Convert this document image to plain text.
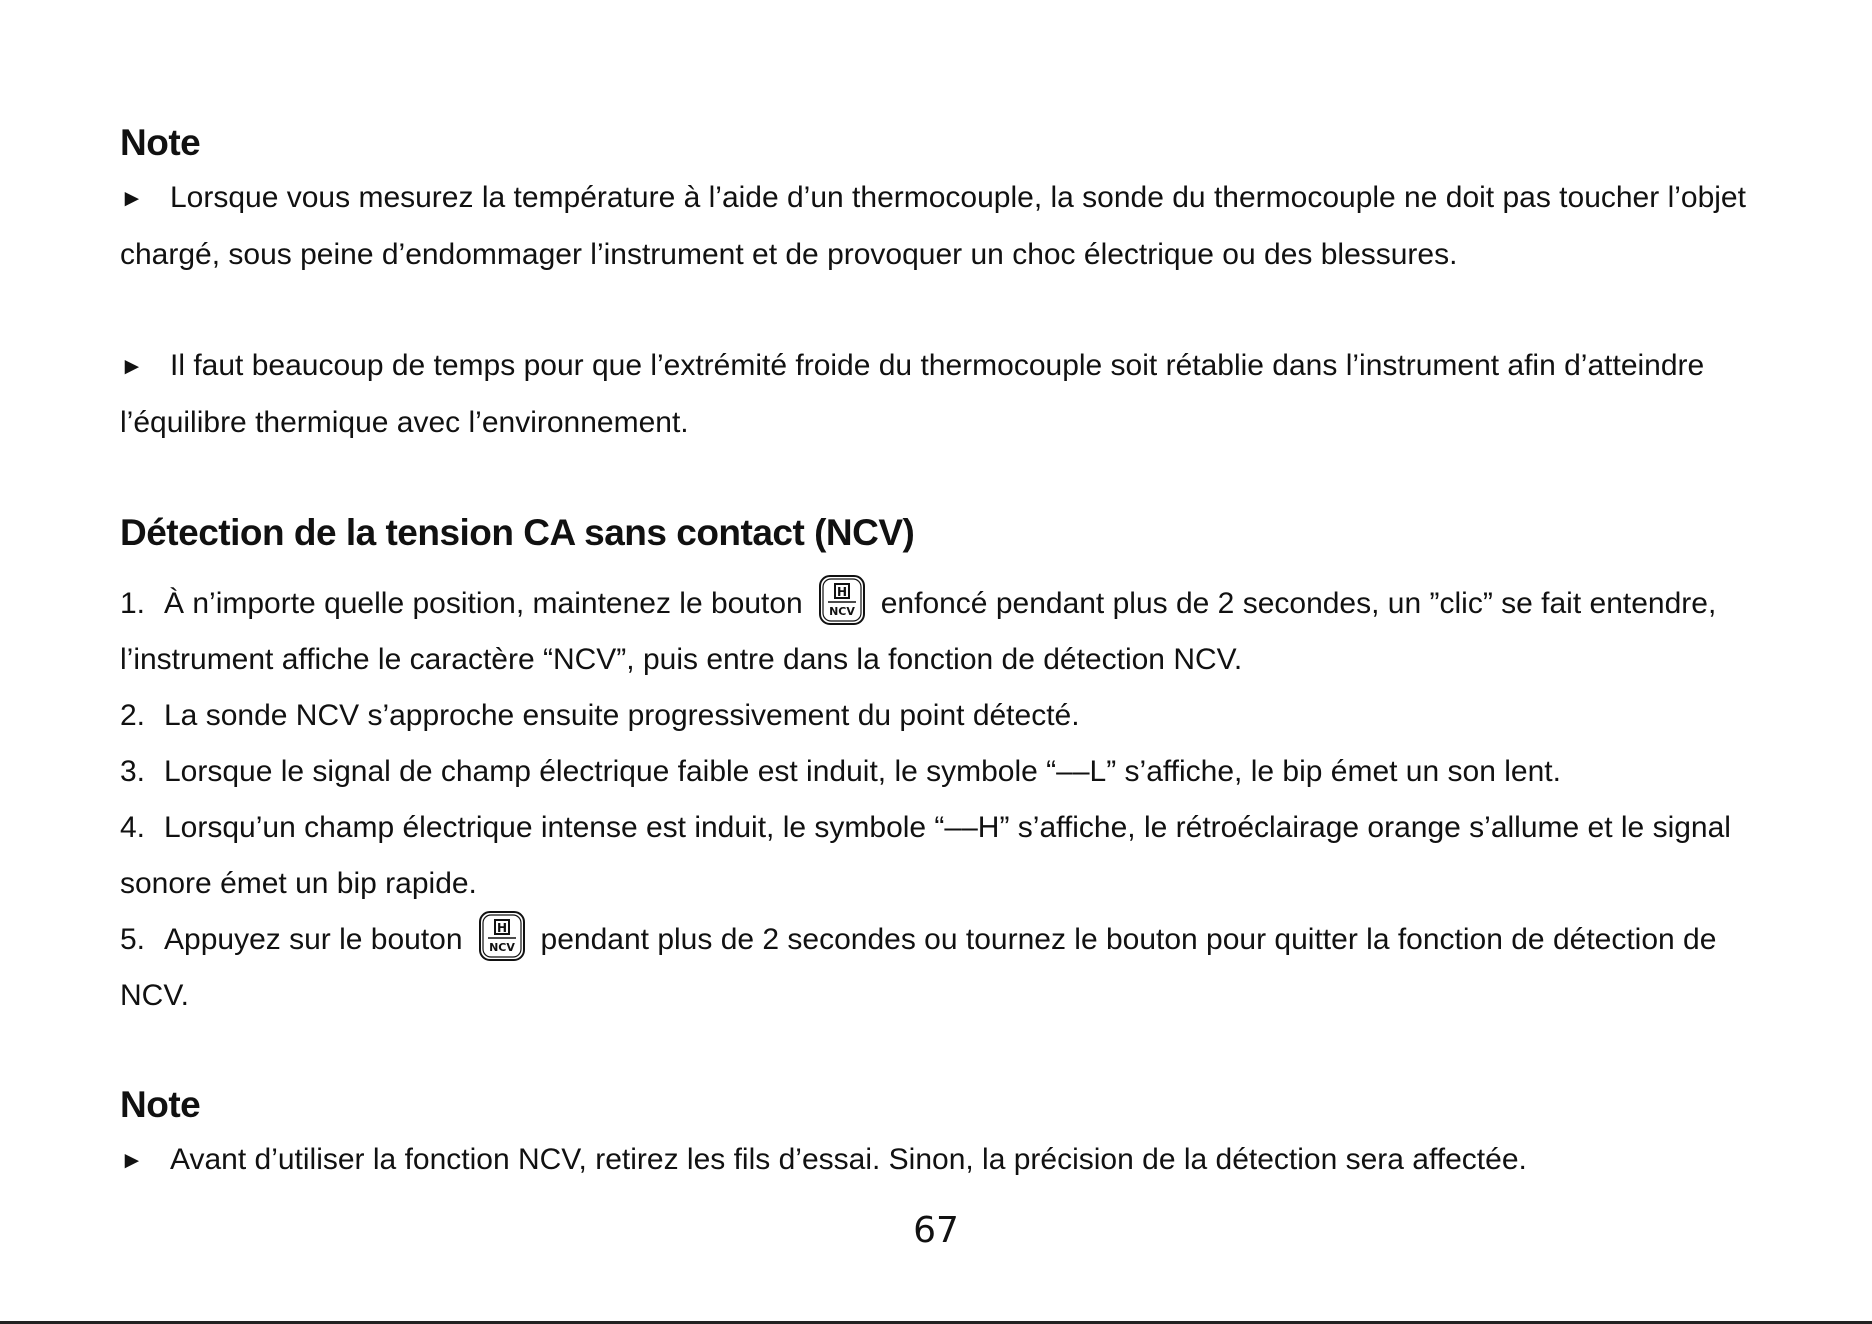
Note

► Lorsque vous mesurez la température à l’aide d’un thermocouple, la sonde du thermocouple ne doit pas toucher l’objet chargé, sous peine d’endommager l’instrument et de provoquer un choc électrique ou des blessures.

► Il faut beaucoup de temps pour que l’extrémité froide du thermocouple soit rétablie dans l’instrument afin d’atteindre l’équilibre thermique avec l’environnement.

Détection de la tension CA sans contact (NCV)

1. À n’importe quelle position, maintenez le bouton	H
NCV enfoncé pendant plus de 2 secondes, un ”clic” se fait entendre, l’instrument affiche le caractère “NCV”, puis entre dans la fonction de détection NCV.

2. La sonde NCV s’approche ensuite progressivement du point détecté.

3. Lorsque le signal de champ électrique faible est induit, le symbole “––L” s’affiche, le bip émet un son lent.

4. Lorsqu’un champ électrique intense est induit, le symbole “––H” s’affiche, le rétroéclairage orange s’allume et le signal sonore émet un bip rapide.

5. Appuyez sur le bouton	H
NCV pendant plus de 2 secondes ou tournez le bouton pour quitter la fonction de détection de NCV.

Note

► Avant d’utiliser la fonction NCV, retirez les fils d’essai. Sinon, la précision de la détection sera affectée.

67
